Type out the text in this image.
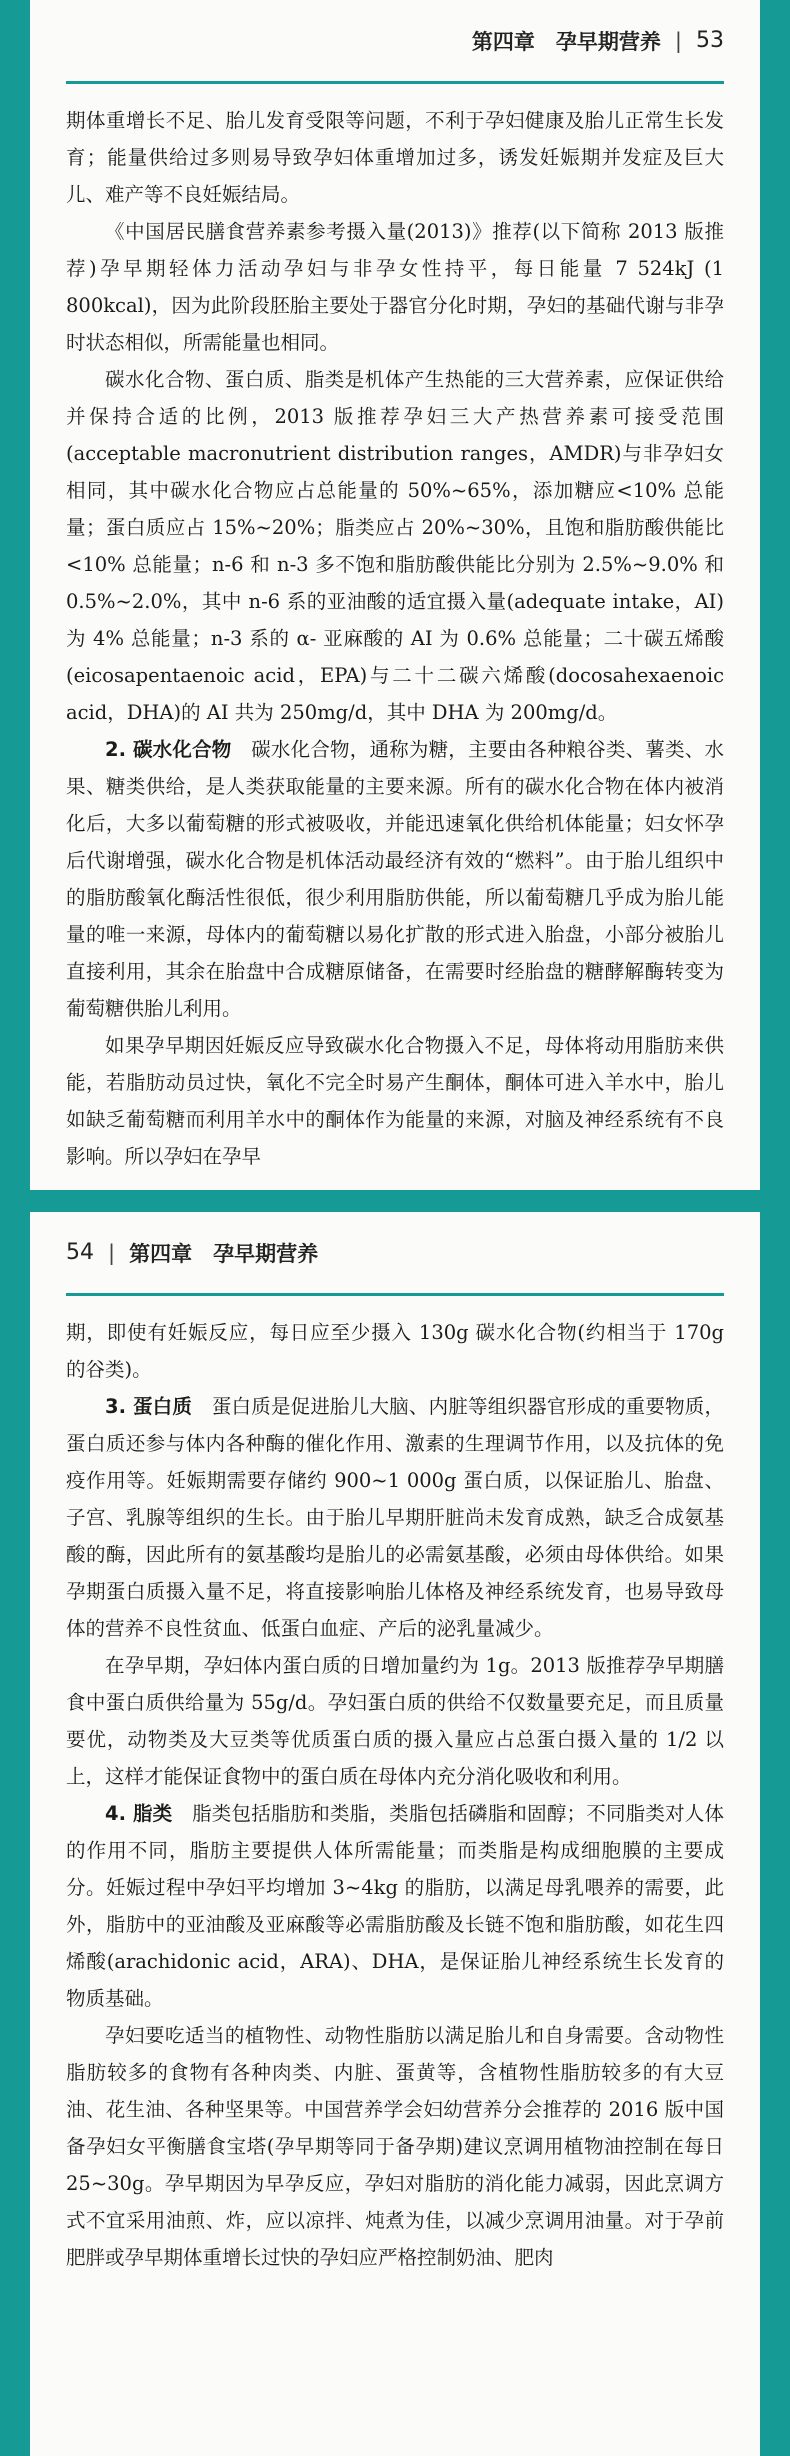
第四章　孕早期营养 | 53

期体重增长不足、胎儿发育受限等问题，不利于孕妇健康及胎儿正常生长发育；能量供给过多则易导致孕妇体重增加过多，诱发妊娠期并发症及巨大儿、难产等不良妊娠结局。

《中国居民膳食营养素参考摄入量(2013)》推荐(以下简称 2013 版推荐)孕早期轻体力活动孕妇与非孕女性持平，每日能量 7 524kJ (1 800kcal)，因为此阶段胚胎主要处于器官分化时期，孕妇的基础代谢与非孕时状态相似，所需能量也相同。

碳水化合物、蛋白质、脂类是机体产生热能的三大营养素，应保证供给并保持合适的比例，2013 版推荐孕妇三大产热营养素可接受范围(acceptable macronutrient distribution ranges，AMDR)与非孕妇女相同，其中碳水化合物应占总能量的 50%~65%，添加糖应<10% 总能量；蛋白质应占 15%~20%；脂类应占 20%~30%，且饱和脂肪酸供能比<10% 总能量；n-6 和 n-3 多不饱和脂肪酸供能比分别为 2.5%~9.0% 和 0.5%~2.0%，其中 n-6 系的亚油酸的适宜摄入量(adequate intake，AI)为 4% 总能量；n-3 系的 α- 亚麻酸的 AI 为 0.6% 总能量；二十碳五烯酸(eicosapentaenoic acid，EPA)与二十二碳六烯酸(docosahexaenoic acid，DHA)的 AI 共为 250mg/d，其中 DHA 为 200mg/d。

2. 碳水化合物　碳水化合物，通称为糖，主要由各种粮谷类、薯类、水果、糖类供给，是人类获取能量的主要来源。所有的碳水化合物在体内被消化后，大多以葡萄糖的形式被吸收，并能迅速氧化供给机体能量；妇女怀孕后代谢增强，碳水化合物是机体活动最经济有效的“燃料”。由于胎儿组织中的脂肪酸氧化酶活性很低，很少利用脂肪供能，所以葡萄糖几乎成为胎儿能量的唯一来源，母体内的葡萄糖以易化扩散的形式进入胎盘，小部分被胎儿直接利用，其余在胎盘中合成糖原储备，在需要时经胎盘的糖酵解酶转变为葡萄糖供胎儿利用。

如果孕早期因妊娠反应导致碳水化合物摄入不足，母体将动用脂肪来供能，若脂肪动员过快，氧化不完全时易产生酮体，酮体可进入羊水中，胎儿如缺乏葡萄糖而利用羊水中的酮体作为能量的来源，对脑及神经系统有不良影响。所以孕妇在孕早

54 | 第四章　孕早期营养

期，即使有妊娠反应，每日应至少摄入 130g 碳水化合物(约相当于 170g 的谷类)。

3. 蛋白质　蛋白质是促进胎儿大脑、内脏等组织器官形成的重要物质，蛋白质还参与体内各种酶的催化作用、激素的生理调节作用，以及抗体的免疫作用等。妊娠期需要存储约 900~1 000g 蛋白质，以保证胎儿、胎盘、子宫、乳腺等组织的生长。由于胎儿早期肝脏尚未发育成熟，缺乏合成氨基酸的酶，因此所有的氨基酸均是胎儿的必需氨基酸，必须由母体供给。如果孕期蛋白质摄入量不足，将直接影响胎儿体格及神经系统发育，也易导致母体的营养不良性贫血、低蛋白血症、产后的泌乳量减少。

在孕早期，孕妇体内蛋白质的日增加量约为 1g。2013 版推荐孕早期膳食中蛋白质供给量为 55g/d。孕妇蛋白质的供给不仅数量要充足，而且质量要优，动物类及大豆类等优质蛋白质的摄入量应占总蛋白摄入量的 1/2 以上，这样才能保证食物中的蛋白质在母体内充分消化吸收和利用。

4. 脂类　脂类包括脂肪和类脂，类脂包括磷脂和固醇；不同脂类对人体的作用不同，脂肪主要提供人体所需能量；而类脂是构成细胞膜的主要成分。妊娠过程中孕妇平均增加 3~4kg 的脂肪，以满足母乳喂养的需要，此外，脂肪中的亚油酸及亚麻酸等必需脂肪酸及长链不饱和脂肪酸，如花生四烯酸(arachidonic acid，ARA)、DHA，是保证胎儿神经系统生长发育的物质基础。

孕妇要吃适当的植物性、动物性脂肪以满足胎儿和自身需要。含动物性脂肪较多的食物有各种肉类、内脏、蛋黄等，含植物性脂肪较多的有大豆油、花生油、各种坚果等。中国营养学会妇幼营养分会推荐的 2016 版中国备孕妇女平衡膳食宝塔(孕早期等同于备孕期)建议烹调用植物油控制在每日 25~30g。孕早期因为早孕反应，孕妇对脂肪的消化能力减弱，因此烹调方式不宜采用油煎、炸，应以凉拌、炖煮为佳，以减少烹调用油量。对于孕前肥胖或孕早期体重增长过快的孕妇应严格控制奶油、肥肉
